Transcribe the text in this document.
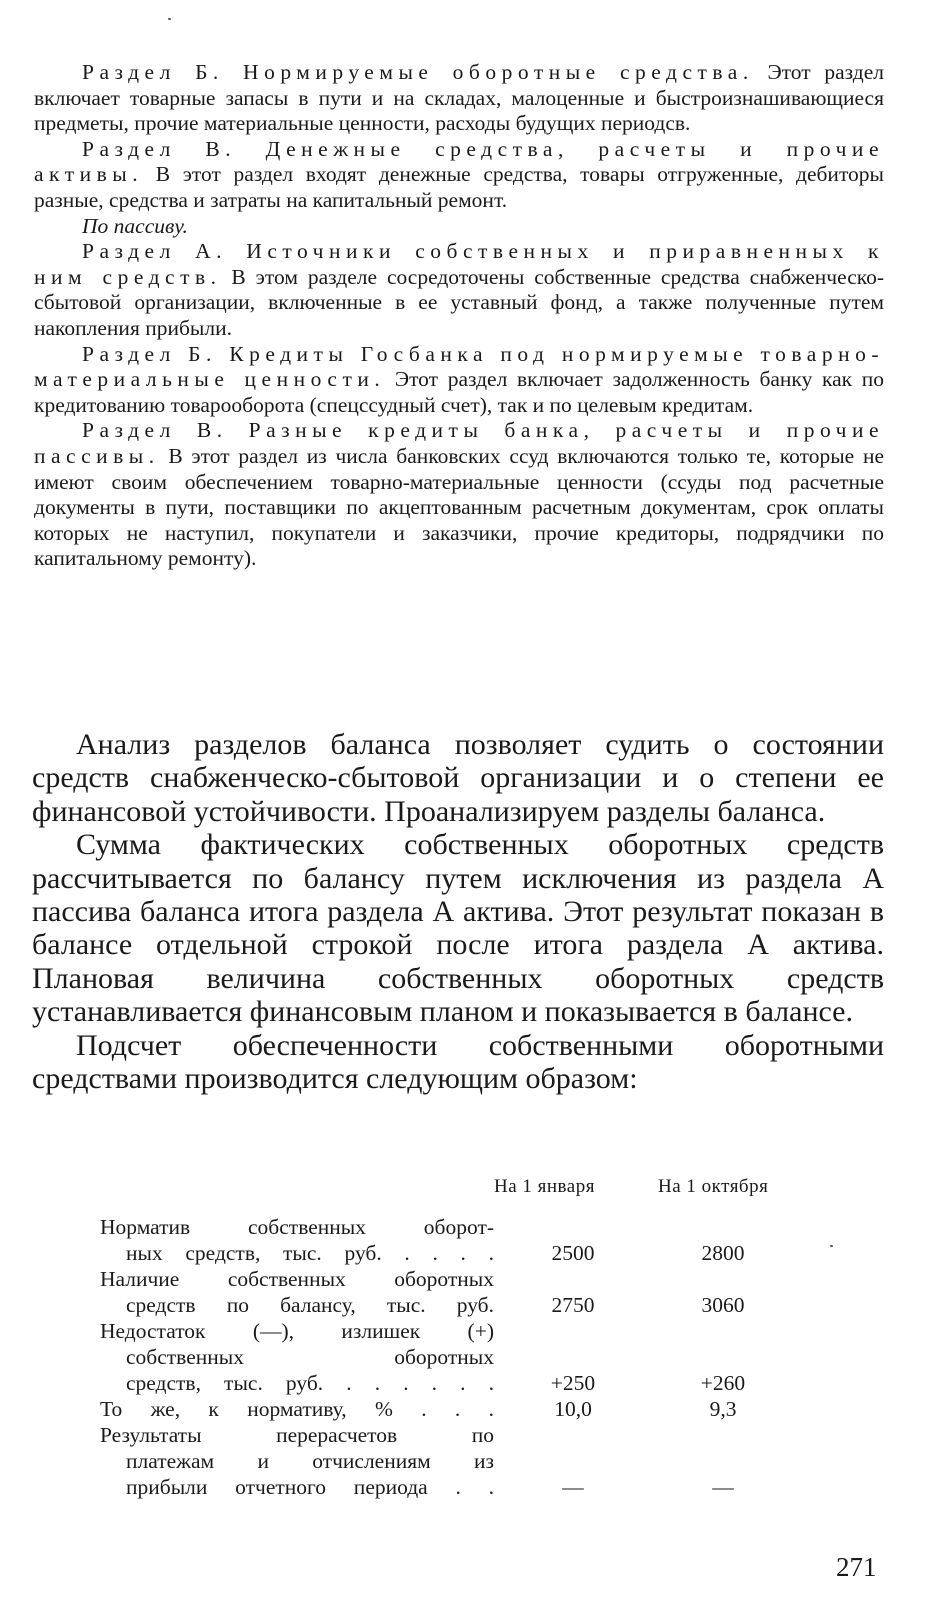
Раздел Б. Нормируемые оборотные средства. Этот раздел включает товарные запасы в пути и на складах, малоценные и быстроизнашивающиеся предметы, прочие материальные ценности, расходы будущих периодсв.

Раздел В. Денежные средства, расчеты и прочие активы. В этот раздел входят денежные средства, товары отгруженные, дебиторы разные, средства и затраты на капитальный ремонт.

По пассиву.

Раздел А. Источники собственных и приравненных к ним средств. В этом разделе сосредоточены собственные средства снабженческо-сбытовой организации, включенные в ее уставный фонд, а также полученные путем накопления прибыли.

Раздел Б. Кредиты Госбанка под нормируемые товарно-материальные ценности. Этот раздел включает задолженность банку как по кредитованию товарооборота (спецссудный счет), так и по целевым кредитам.

Раздел В. Разные кредиты банка, расчеты и прочие пассивы. В этот раздел из числа банковских ссуд включаются только те, которые не имеют своим обеспечением товарно-материальные ценности (ссуды под расчетные документы в пути, поставщики по акцептованным расчетным документам, срок оплаты которых не наступил, покупатели и заказчики, прочие кредиторы, подрядчики по капитальному ремонту).

Анализ разделов баланса позволяет судить о состоянии средств снабженческо-сбытовой организации и о степени ее финансовой устойчивости. Проанализируем разделы баланса.

Сумма фактических собственных оборотных средств рассчитывается по балансу путем исключения из раздела А пассива баланса итога раздела А актива. Этот результат показан в балансе отдельной строкой после итога раздела А актива. Плановая величина собственных оборотных средств устанавливается финансовым планом и показывается в балансе.

Подсчет обеспеченности собственными оборотными средствами производится следующим образом:

На 1 января	На 1 октября
Норматив собственных оборот-
ных средств, тыс. руб. . . . .	2500	2800
Наличие собственных оборотных
средств по балансу, тыс. руб.	2750	3060
Недостаток (—), излишек (+)
собственных оборотных
средств, тыс. руб. . . . . . .	+250	+260
То же, к нормативу, % . . .	10,0	9,3
Результаты перерасчетов по
платежам и отчислениям из
прибыли отчетного периода . .	—	—
271
